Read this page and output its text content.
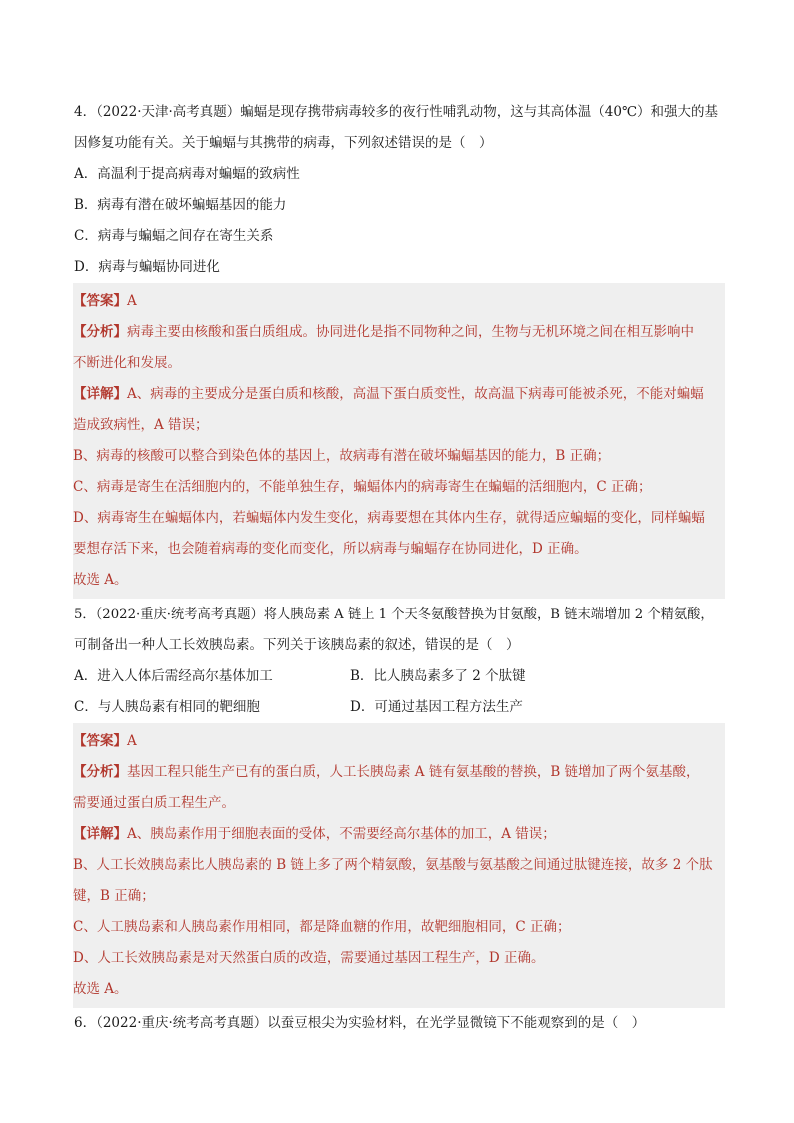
4．（2022·天津·高考真题）蝙蝠是现存携带病毒较多的夜行性哺乳动物，这与其高体温（40℃）和强大的基
因修复功能有关。关于蝙蝠与其携带的病毒，下列叙述错误的是（　）
A．高温利于提高病毒对蝙蝠的致病性
B．病毒有潜在破坏蝙蝠基因的能力
C．病毒与蝙蝠之间存在寄生关系
D．病毒与蝙蝠协同进化
【答案】A
【分析】病毒主要由核酸和蛋白质组成。协同进化是指不同物种之间，生物与无机环境之间在相互影响中
不断进化和发展。
【详解】A、病毒的主要成分是蛋白质和核酸，高温下蛋白质变性，故高温下病毒可能被杀死，不能对蝙蝠
造成致病性，A 错误；
B、病毒的核酸可以整合到染色体的基因上，故病毒有潜在破坏蝙蝠基因的能力，B 正确；
C、病毒是寄生在活细胞内的，不能单独生存，蝙蝠体内的病毒寄生在蝙蝠的活细胞内，C 正确；
D、病毒寄生在蝙蝠体内，若蝙蝠体内发生变化，病毒要想在其体内生存，就得适应蝙蝠的变化，同样蝙蝠
要想存活下来，也会随着病毒的变化而变化，所以病毒与蝙蝠存在协同进化，D 正确。
故选 A。
5．（2022·重庆·统考高考真题）将人胰岛素 A 链上 1 个天冬氨酸替换为甘氨酸，B 链末端增加 2 个精氨酸，
可制备出一种人工长效胰岛素。下列关于该胰岛素的叙述，错误的是（　）
A．进入人体后需经高尔基体加工	B．比人胰岛素多了 2 个肽键
C．与人胰岛素有相同的靶细胞	D．可通过基因工程方法生产
【答案】A
【分析】基因工程只能生产已有的蛋白质，人工长胰岛素 A 链有氨基酸的替换，B 链增加了两个氨基酸，
需要通过蛋白质工程生产。
【详解】A、胰岛素作用于细胞表面的受体，不需要经高尔基体的加工，A 错误；
B、人工长效胰岛素比人胰岛素的 B 链上多了两个精氨酸，氨基酸与氨基酸之间通过肽键连接，故多 2 个肽
键，B 正确；
C、人工胰岛素和人胰岛素作用相同，都是降血糖的作用，故靶细胞相同，C 正确；
D、人工长效胰岛素是对天然蛋白质的改造，需要通过基因工程生产，D 正确。
故选 A。
6．（2022·重庆·统考高考真题）以蚕豆根尖为实验材料，在光学显微镜下不能观察到的是（　）
